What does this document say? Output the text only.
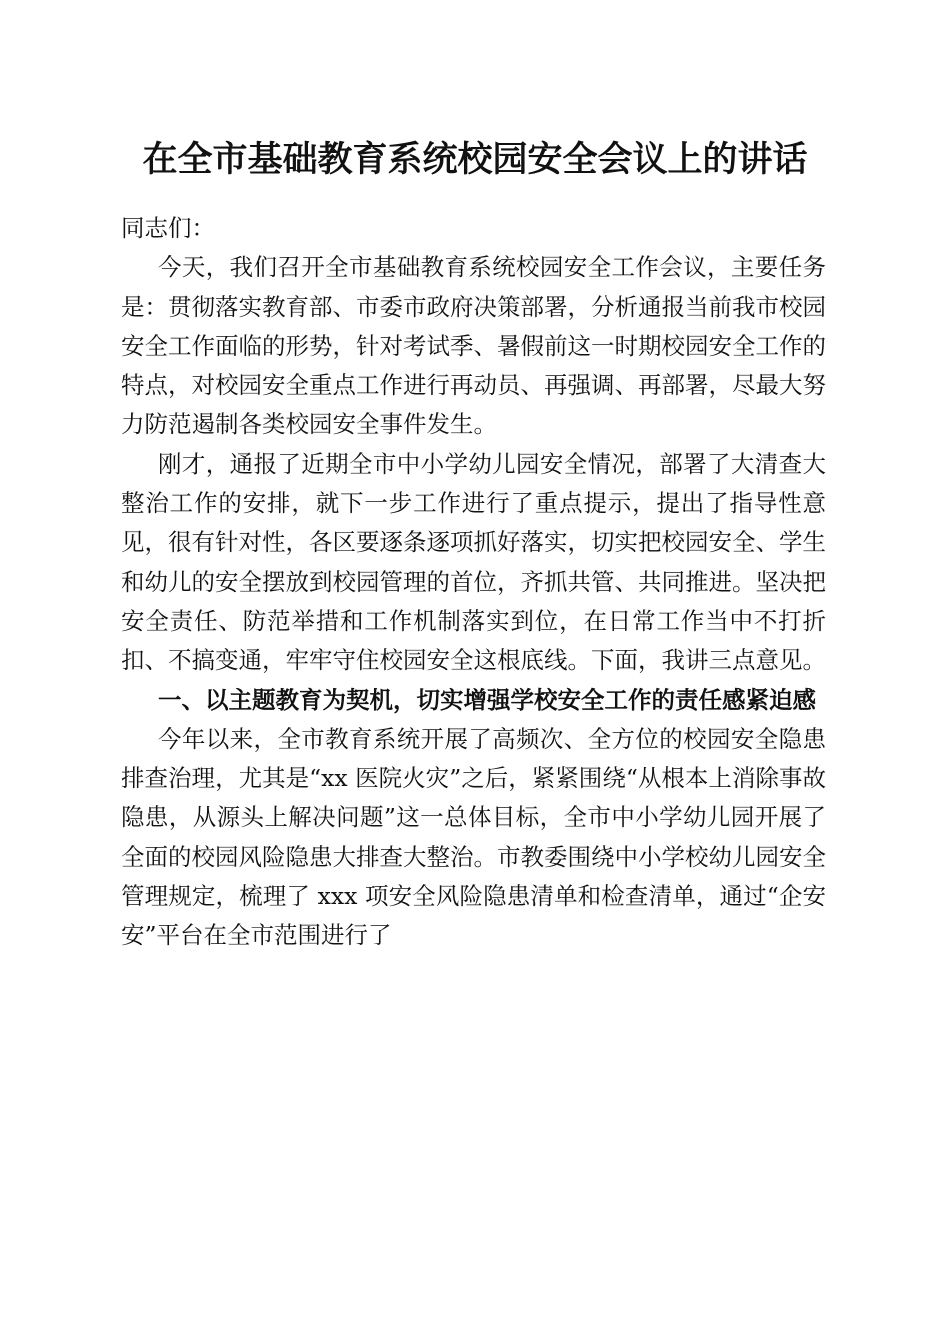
在全市基础教育系统校园安全会议上的讲话

同志们：

今天，我们召开全市基础教育系统校园安全工作会议，主要任务是：贯彻落实教育部、市委市政府决策部署，分析通报当前我市校园安全工作面临的形势，针对考试季、暑假前这一时期校园安全工作的特点，对校园安全重点工作进行再动员、再强调、再部署，尽最大努力防范遏制各类校园安全事件发生。

刚才，通报了近期全市中小学幼儿园安全情况，部署了大清查大整治工作的安排，就下一步工作进行了重点提示，提出了指导性意见，很有针对性，各区要逐条逐项抓好落实，切实把校园安全、学生和幼儿的安全摆放到校园管理的首位，齐抓共管、共同推进。坚决把安全责任、防范举措和工作机制落实到位，在日常工作当中不打折扣、不搞变通，牢牢守住校园安全这根底线。下面，我讲三点意见。

一、以主题教育为契机，切实增强学校安全工作的责任感紧迫感

今年以来，全市教育系统开展了高频次、全方位的校园安全隐患排查治理，尤其是“xx 医院火灾”之后，紧紧围绕“从根本上消除事故隐患，从源头上解决问题”这一总体目标，全市中小学幼儿园开展了全面的校园风险隐患大排查大整治。市教委围绕中小学校幼儿园安全管理规定，梳理了 xxx 项安全风险隐患清单和检查清单，通过“企安安”平台在全市范围进行了
